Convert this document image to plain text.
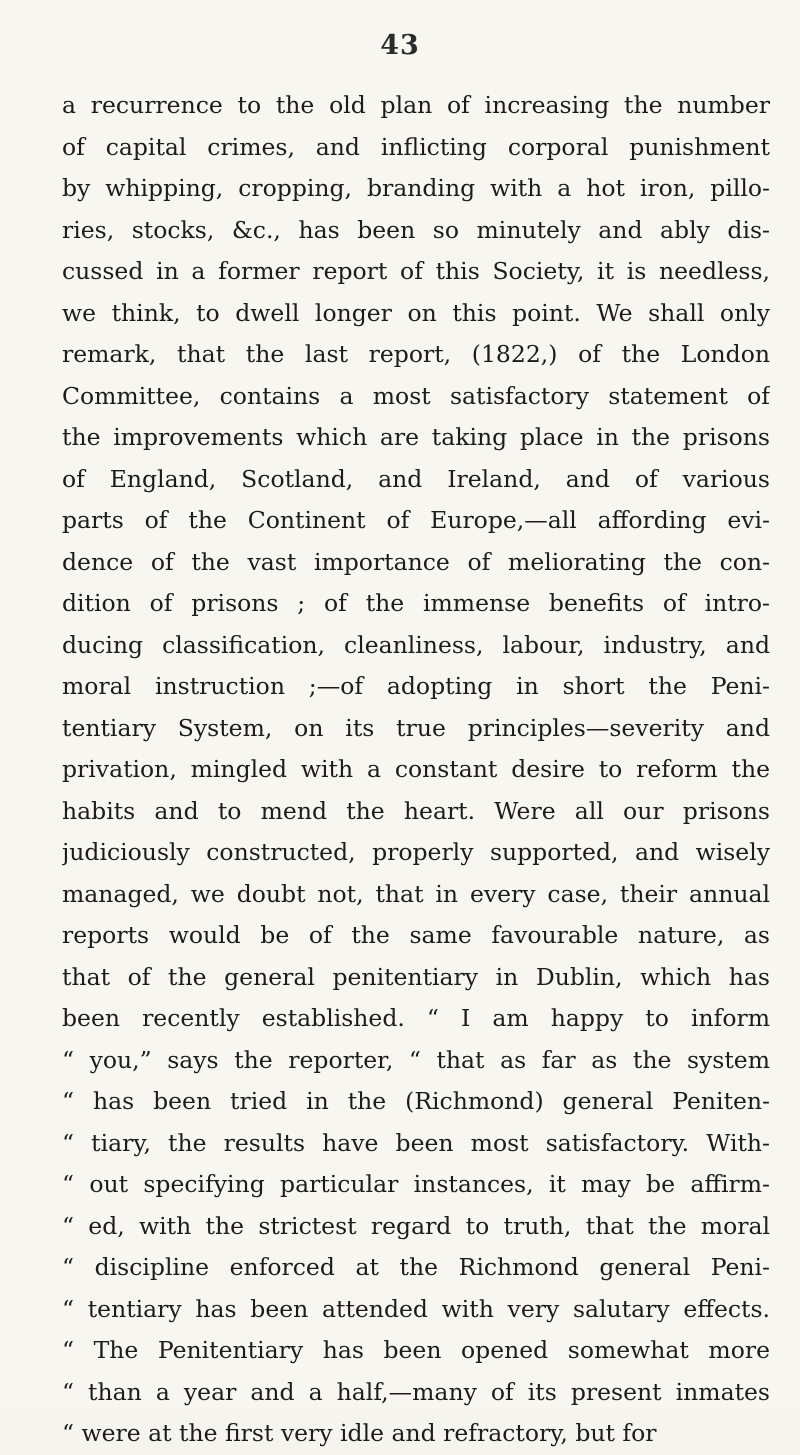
43
a recurrence to the old plan of increasing the number
of capital crimes, and inflicting corporal punishment
by whipping, cropping, branding with a hot iron, pillo-
ries, stocks, &c., has been so minutely and ably dis-
cussed in a former report of this Society, it is needless,
we think, to dwell longer on this point. We shall only
remark, that the last report, (1822,) of the London
Committee, contains a most satisfactory statement of
the improvements which are taking place in the prisons
of England, Scotland, and Ireland, and of various
parts of the Continent of Europe,—all affording evi-
dence of the vast importance of meliorating the con-
dition of prisons ; of the immense benefits of intro-
ducing classification, cleanliness, labour, industry, and
moral instruction ;—of adopting in short the Peni-
tentiary System, on its true principles—severity and
privation, mingled with a constant desire to reform the
habits and to mend the heart. Were all our prisons
judiciously constructed, properly supported, and wisely
managed, we doubt not, that in every case, their annual
reports would be of the same favourable nature, as
that of the general penitentiary in Dublin, which has
been recently established. “ I am happy to inform
“ you,” says the reporter, “ that as far as the system
“ has been tried in the (Richmond) general Peniten-
“ tiary, the results have been most satisfactory. With-
“ out specifying particular instances, it may be affirm-
“ ed, with the strictest regard to truth, that the moral
“ discipline enforced at the Richmond general Peni-
“ tentiary has been attended with very salutary effects.
“ The Penitentiary has been opened somewhat more
“ than a year and a half,—many of its present inmates
“ were at the first very idle and refractory, but for
